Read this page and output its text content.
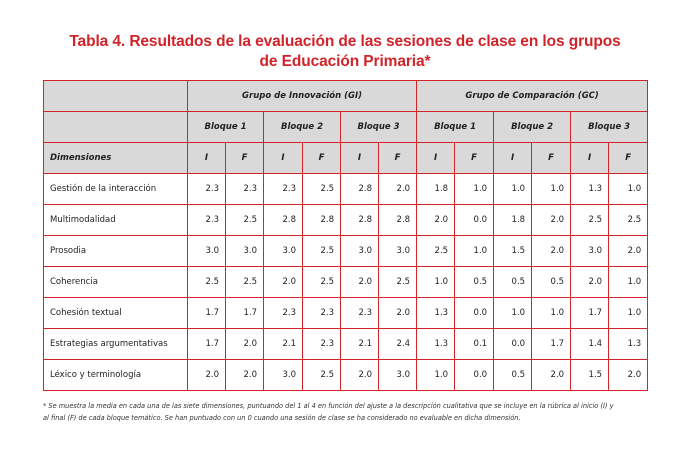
Tabla 4. Resultados de la evaluación de las sesiones de clase en los grupos
de Educación Primaria*
	Grupo de Innovación (GI)						Grupo de Comparación (GC)					
	Bloque 1		Bloque 2		Bloque 3		Bloque 1		Bloque 2		Bloque 3	
Dimensiones	I	F	I	F	I	F	I	F	I	F	I	F
Gestión de la interacción	2.3	2.3	2.3	2.5	2.8	2.0	1.8	1.0	1.0	1.0	1.3	1.0
Multimodalidad	2.3	2.5	2.8	2.8	2.8	2.8	2.0	0.0	1.8	2.0	2.5	2.5
Prosodia	3.0	3.0	3.0	2.5	3.0	3.0	2.5	1.0	1.5	2.0	3.0	2.0
Coherencia	2.5	2.5	2.0	2.5	2.0	2.5	1.0	0.5	0.5	0.5	2.0	1.0
Cohesión textual	1.7	1.7	2.3	2.3	2.3	2.0	1.3	0.0	1.0	1.0	1.7	1.0
Estrategias argumentativas	1.7	2.0	2.1	2.3	2.1	2.4	1.3	0.1	0.0	1.7	1.4	1.3
Léxico y terminología	2.0	2.0	3.0	2.5	2.0	3.0	1.0	0.0	0.5	2.0	1.5	2.0
* Se muestra la media en cada una de las siete dimensiones, puntuando del 1 al 4 en función del ajuste a la descripción cualitativa que se incluye en la rúbrica al inicio (I) y
al final (F) de cada bloque temático. Se han puntuado con un 0 cuando una sesión de clase se ha considerado no evaluable en dicha dimensión.
